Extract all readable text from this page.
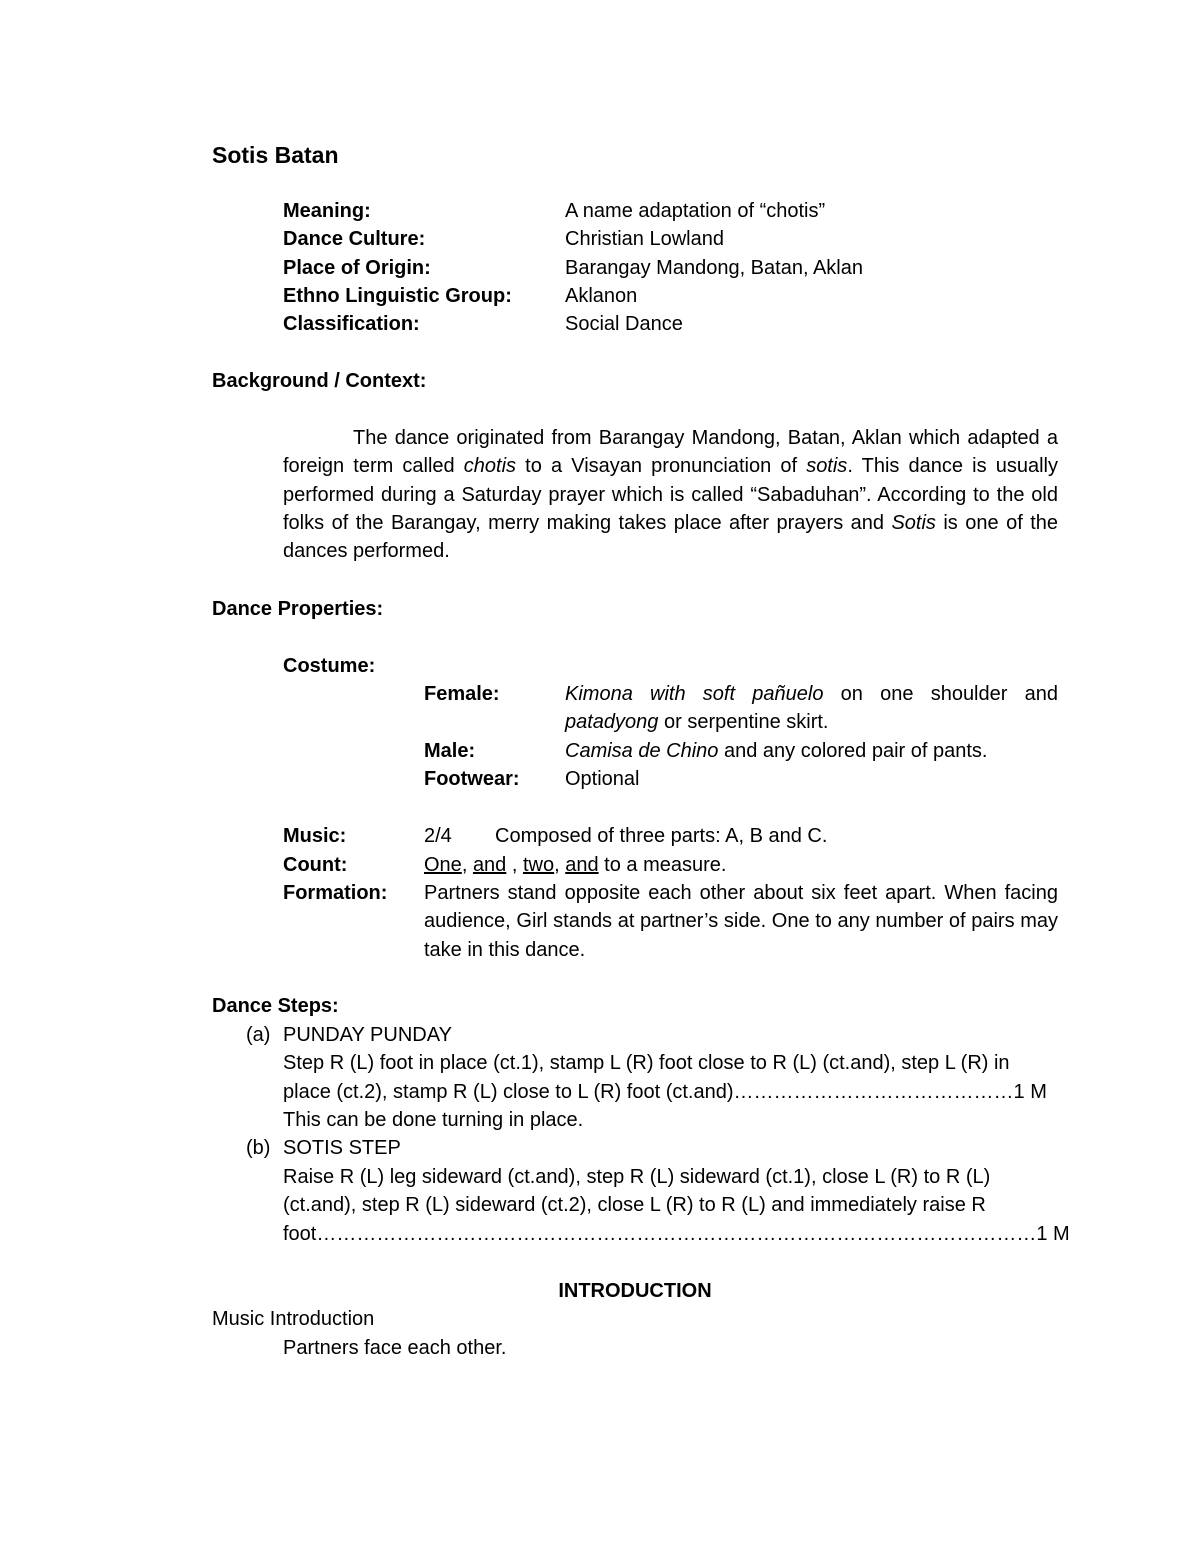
Sotis Batan
Meaning:	A name adaptation of “chotis”
Dance Culture:	Christian Lowland
Place of Origin:	Barangay Mandong, Batan, Aklan
Ethno Linguistic Group:	Aklanon
Classification:	Social Dance
Background / Context:
The dance originated from Barangay Mandong, Batan, Aklan which adapted a foreign term called chotis to a Visayan pronunciation of sotis. This dance is usually performed during a Saturday prayer which is called “Sabaduhan”. According to the old folks of the Barangay, merry making takes place after prayers and Sotis is one of the dances performed.
Dance Properties:
Costume:
Female:	Kimona with soft pañuelo on one shoulder and patadyong or serpentine skirt.
Male:	Camisa de Chino and any colored pair of pants.
Footwear: Optional
Music:	2/4 Composed of three parts: A, B and C.
Count:	One, and , two, and to a measure.
Formation: Partners stand opposite each other about six feet apart. When facing audience, Girl stands at partner’s side. One to any number of pairs may take in this dance.
Dance Steps:
(a) PUNDAY PUNDAY
Step R (L) foot in place (ct.1), stamp L (R) foot close to R (L) (ct.and), step L (R) in
place (ct.2), stamp R (L) close to L (R) foot (ct.and)……………………………………1 M
This can be done turning in place.
(b) SOTIS STEP
Raise R (L) leg sideward (ct.and), step R (L) sideward (ct.1), close L (R) to R (L)
(ct.and), step R (L) sideward (ct.2), close L (R) to R (L) and immediately raise R
foot………………………………………………………………………………………………1 M
INTRODUCTION
Music Introduction
Partners face each other.
